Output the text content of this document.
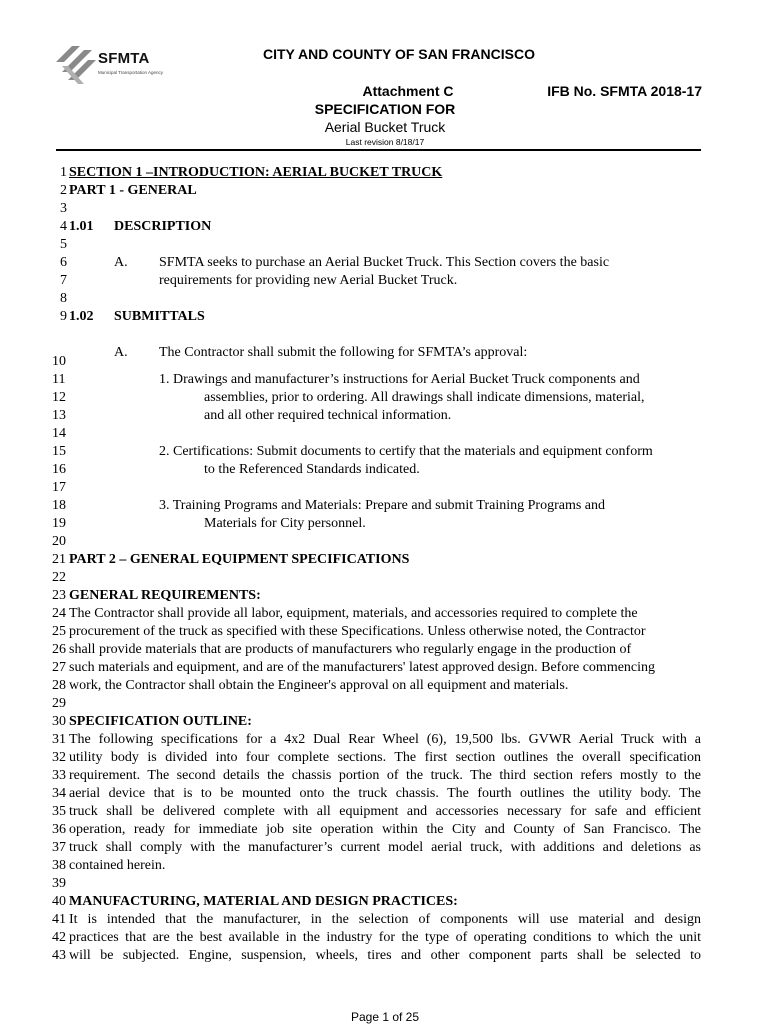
SFMTA
Municipal Transportation Agency
CITY AND COUNTY OF SAN FRANCISCO
Attachment C	IFB No. SFMTA 2018-17
SPECIFICATION FOR
Aerial Bucket Truck
Last revision 8/18/17
1
2
3
4
5
6
7
8
9
10
11
12
13
14
15
16
17
18
19
20
21
22
23
24
25
26
27
28
29
30
31
32
33
34
35
36
37
38
39
40
41
42
43
SECTION 1 –INTRODUCTION: AERIAL BUCKET TRUCK
PART 1 - GENERAL
1.01 DESCRIPTION
A. SFMTA seeks to purchase an Aerial Bucket Truck. This Section covers the basic
requirements for providing new Aerial Bucket Truck.
1.02 SUBMITTALS
A. The Contractor shall submit the following for SFMTA’s approval:
1. Drawings and manufacturer’s instructions for Aerial Bucket Truck components and
assemblies, prior to ordering. All drawings shall indicate dimensions, material,
and all other required technical information.
2. Certifications: Submit documents to certify that the materials and equipment conform
to the Referenced Standards indicated.
3. Training Programs and Materials: Prepare and submit Training Programs and
Materials for City personnel.
PART 2 – GENERAL EQUIPMENT SPECIFICATIONS
GENERAL REQUIREMENTS:
The Contractor shall provide all labor, equipment, materials, and accessories required to complete the
procurement of the truck as specified with these Specifications. Unless otherwise noted, the Contractor
shall provide materials that are products of manufacturers who regularly engage in the production of
such materials and equipment, and are of the manufacturers' latest approved design. Before commencing
work, the Contractor shall obtain the Engineer's approval on all equipment and materials.
SPECIFICATION OUTLINE:
The following specifications for a 4x2 Dual Rear Wheel (6), 19,500 lbs. GVWR Aerial Truck with a
utility body is divided into four complete sections. The first section outlines the overall specification
requirement. The second details the chassis portion of the truck. The third section refers mostly to the
aerial device that is to be mounted onto the truck chassis. The fourth outlines the utility body. The
truck shall be delivered complete with all equipment and accessories necessary for safe and efficient
operation, ready for immediate job site operation within the City and County of San Francisco. The
truck shall comply with the manufacturer’s current model aerial truck, with additions and deletions as
contained herein.
MANUFACTURING, MATERIAL AND DESIGN PRACTICES:
It is intended that the manufacturer, in the selection of components will use material and design
practices that are the best available in the industry for the type of operating conditions to which the unit
will be subjected. Engine, suspension, wheels, tires and other component parts shall be selected to
Page 1 of 25
